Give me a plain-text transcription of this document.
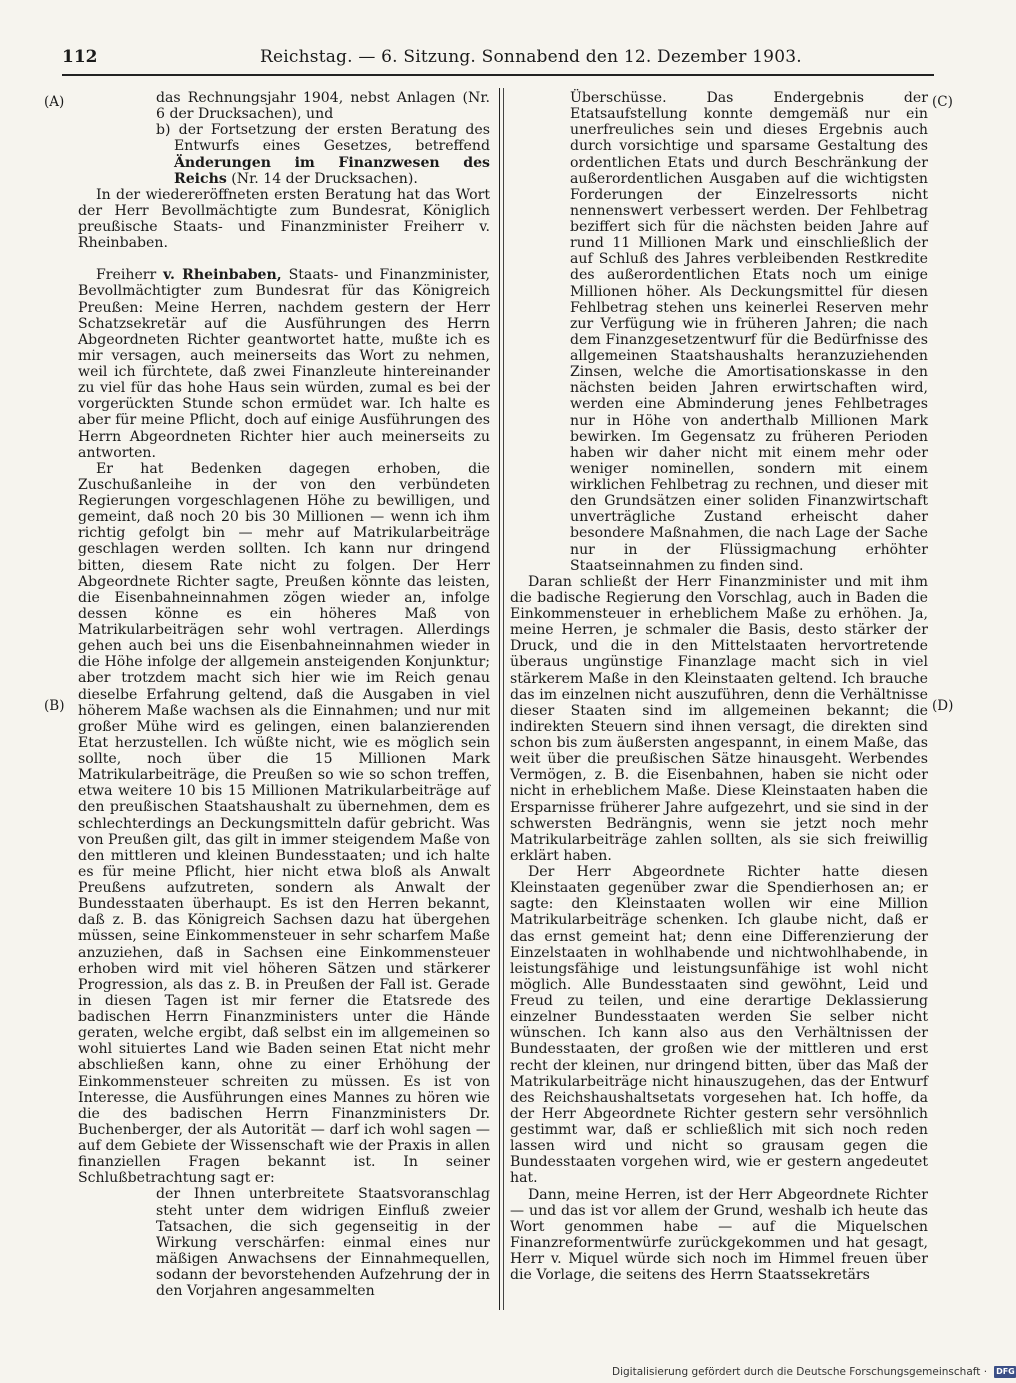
112	Reichstag. — 6. Sitzung. Sonnabend den 12. Dezember 1903.
(A)
(B)
(C)
(D)

das Rechnungsjahr 1904, nebst Anlagen (Nr. 6 der Drucksachen), und

b) der Fortsetzung der ersten Beratung des Entwurfs eines Gesetzes, betreffend Änderungen im Finanzwesen des Reichs (Nr. 14 der Drucksachen).

In der wiedereröffneten ersten Beratung hat das Wort der Herr Bevollmächtigte zum Bundesrat, Königlich preußische Staats- und Finanzminister Freiherr v. Rheinbaben.

Freiherr v. Rheinbaben, Staats- und Finanzminister, Bevollmächtigter zum Bundesrat für das Königreich Preußen: Meine Herren, nachdem gestern der Herr Schatzsekretär auf die Ausführungen des Herrn Abgeordneten Richter geantwortet hatte, mußte ich es mir versagen, auch meinerseits das Wort zu nehmen, weil ich fürchtete, daß zwei Finanzleute hintereinander zu viel für das hohe Haus sein würden, zumal es bei der vorgerückten Stunde schon ermüdet war. Ich halte es aber für meine Pflicht, doch auf einige Ausführungen des Herrn Abgeordneten Richter hier auch meinerseits zu antworten.

Er hat Bedenken dagegen erhoben, die Zuschußanleihe in der von den verbündeten Regierungen vorgeschlagenen Höhe zu bewilligen, und gemeint, daß noch 20 bis 30 Millionen — wenn ich ihm richtig gefolgt bin — mehr auf Matrikularbeiträge geschlagen werden sollten. Ich kann nur dringend bitten, diesem Rate nicht zu folgen. Der Herr Abgeordnete Richter sagte, Preußen könnte das leisten, die Eisenbahneinnahmen zögen wieder an, infolge dessen könne es ein höheres Maß von Matrikularbeiträgen sehr wohl vertragen. Allerdings gehen auch bei uns die Eisenbahneinnahmen wieder in die Höhe infolge der allgemein ansteigenden Konjunktur; aber trotzdem macht sich hier wie im Reich genau dieselbe Erfahrung geltend, daß die Ausgaben in viel höherem Maße wachsen als die Einnahmen; und nur mit großer Mühe wird es gelingen, einen balanzierenden Etat herzustellen. Ich wüßte nicht, wie es möglich sein sollte, noch über die 15 Millionen Mark Matrikularbeiträge, die Preußen so wie so schon treffen, etwa weitere 10 bis 15 Millionen Matrikularbeiträge auf den preußischen Staatshaushalt zu übernehmen, dem es schlechterdings an Deckungsmitteln dafür gebricht. Was von Preußen gilt, das gilt in immer steigendem Maße von den mittleren und kleinen Bundesstaaten; und ich halte es für meine Pflicht, hier nicht etwa bloß als Anwalt Preußens aufzutreten, sondern als Anwalt der Bundesstaaten überhaupt. Es ist den Herren bekannt, daß z. B. das Königreich Sachsen dazu hat übergehen müssen, seine Einkommensteuer in sehr scharfem Maße anzuziehen, daß in Sachsen eine Einkommensteuer erhoben wird mit viel höheren Sätzen und stärkerer Progression, als das z. B. in Preußen der Fall ist. Gerade in diesen Tagen ist mir ferner die Etatsrede des badischen Herrn Finanzministers unter die Hände geraten, welche ergibt, daß selbst ein im allgemeinen so wohl situiertes Land wie Baden seinen Etat nicht mehr abschließen kann, ohne zu einer Erhöhung der Einkommensteuer schreiten zu müssen. Es ist von Interesse, die Ausführungen eines Mannes zu hören wie die des badischen Herrn Finanzministers Dr. Buchenberger, der als Autorität — darf ich wohl sagen — auf dem Gebiete der Wissenschaft wie der Praxis in allen finanziellen Fragen bekannt ist. In seiner Schlußbetrachtung sagt er:

der Ihnen unterbreitete Staatsvoranschlag steht unter dem widrigen Einfluß zweier Tatsachen, die sich gegenseitig in der Wirkung verschärfen: einmal eines nur mäßigen Anwachsens der Einnahmequellen, sodann der bevorstehenden Aufzehrung der in den Vorjahren angesammelten

Überschüsse. Das Endergebnis der Etatsaufstellung konnte demgemäß nur ein unerfreuliches sein und dieses Ergebnis auch durch vorsichtige und sparsame Gestaltung des ordentlichen Etats und durch Beschränkung der außerordentlichen Ausgaben auf die wichtigsten Forderungen der Einzelressorts nicht nennenswert verbessert werden. Der Fehlbetrag beziffert sich für die nächsten beiden Jahre auf rund 11 Millionen Mark und einschließlich der auf Schluß des Jahres verbleibenden Restkredite des außerordentlichen Etats noch um einige Millionen höher. Als Deckungsmittel für diesen Fehlbetrag stehen uns keinerlei Reserven mehr zur Verfügung wie in früheren Jahren; die nach dem Finanzgesetzentwurf für die Bedürfnisse des allgemeinen Staatshaushalts heranzuziehenden Zinsen, welche die Amortisationskasse in den nächsten beiden Jahren erwirtschaften wird, werden eine Abminderung jenes Fehlbetrages nur in Höhe von anderthalb Millionen Mark bewirken. Im Gegensatz zu früheren Perioden haben wir daher nicht mit einem mehr oder weniger nominellen, sondern mit einem wirklichen Fehlbetrag zu rechnen, und dieser mit den Grundsätzen einer soliden Finanzwirtschaft unverträgliche Zustand erheischt daher besondere Maßnahmen, die nach Lage der Sache nur in der Flüssigmachung erhöhter Staatseinnahmen zu finden sind.

Daran schließt der Herr Finanzminister und mit ihm die badische Regierung den Vorschlag, auch in Baden die Einkommensteuer in erheblichem Maße zu erhöhen. Ja, meine Herren, je schmaler die Basis, desto stärker der Druck, und die in den Mittelstaaten hervortretende überaus ungünstige Finanzlage macht sich in viel stärkerem Maße in den Kleinstaaten geltend. Ich brauche das im einzelnen nicht auszuführen, denn die Verhältnisse dieser Staaten sind im allgemeinen bekannt; die indirekten Steuern sind ihnen versagt, die direkten sind schon bis zum äußersten angespannt, in einem Maße, das weit über die preußischen Sätze hinausgeht. Werbendes Vermögen, z. B. die Eisenbahnen, haben sie nicht oder nicht in erheblichem Maße. Diese Kleinstaaten haben die Ersparnisse früherer Jahre aufgezehrt, und sie sind in der schwersten Bedrängnis, wenn sie jetzt noch mehr Matrikularbeiträge zahlen sollten, als sie sich freiwillig erklärt haben.

Der Herr Abgeordnete Richter hatte diesen Kleinstaaten gegenüber zwar die Spendierhosen an; er sagte: den Kleinstaaten wollen wir eine Million Matrikularbeiträge schenken. Ich glaube nicht, daß er das ernst gemeint hat; denn eine Differenzierung der Einzelstaaten in wohlhabende und nichtwohlhabende, in leistungsfähige und leistungsunfähige ist wohl nicht möglich. Alle Bundesstaaten sind gewöhnt, Leid und Freud zu teilen, und eine derartige Deklassierung einzelner Bundesstaaten werden Sie selber nicht wünschen. Ich kann also aus den Verhältnissen der Bundesstaaten, der großen wie der mittleren und erst recht der kleinen, nur dringend bitten, über das Maß der Matrikularbeiträge nicht hinauszugehen, das der Entwurf des Reichshaushaltsetats vorgesehen hat. Ich hoffe, da der Herr Abgeordnete Richter gestern sehr versöhnlich gestimmt war, daß er schließlich mit sich noch reden lassen wird und nicht so grausam gegen die Bundesstaaten vorgehen wird, wie er gestern angedeutet hat.

Dann, meine Herren, ist der Herr Abgeordnete Richter — und das ist vor allem der Grund, weshalb ich heute das Wort genommen habe — auf die Miquelschen Finanzreformentwürfe zurückgekommen und hat gesagt, Herr v. Miquel würde sich noch im Himmel freuen über die Vorlage, die seitens des Herrn Staatssekretärs

Digitalisierung gefördert durch die Deutsche Forschungsgemeinschaft · DFG
